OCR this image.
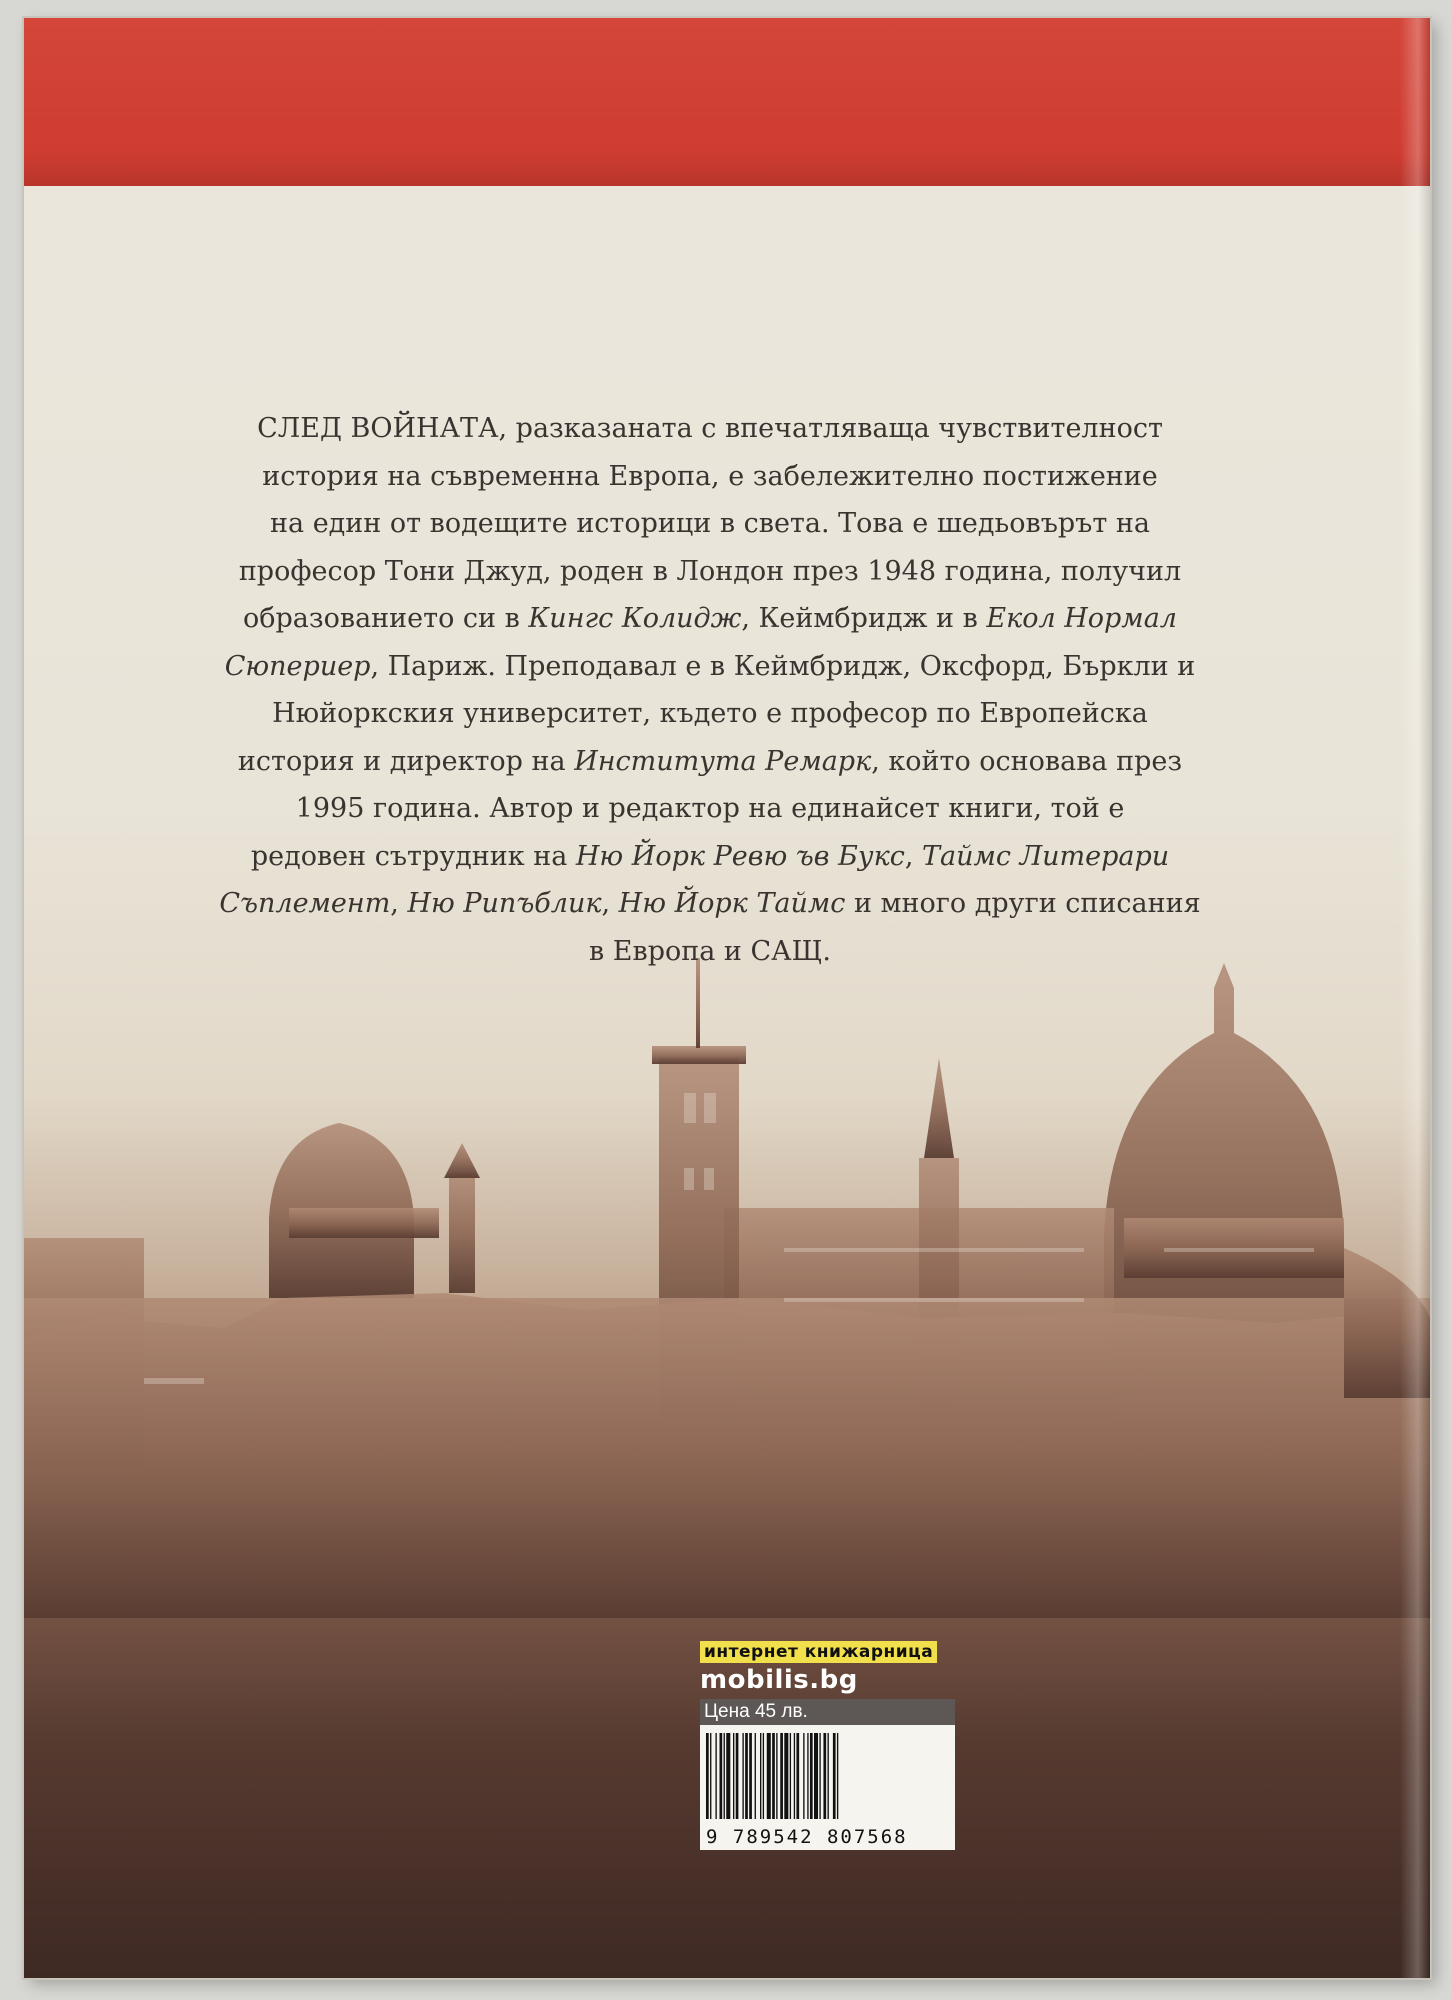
СЛЕД ВОЙНАТА, разказаната с впечатляваща чувствителност
история на съвременна Европа, е забележително постижение
на един от водещите историци в света. Това е шедьовърът на
професор Тони Джуд, роден в Лондон през 1948 година, получил
образованието си в Кингс Колидж, Кеймбридж и в Екол Нормал
Сюпериер, Париж. Преподавал е в Кеймбридж, Оксфорд, Бъркли и
Нюйоркския университет, където е професор по Европейска
история и директор на Института Ремарк, който основава през
1995 година. Автор и редактор на единайсет книги, той е
редовен сътрудник на Ню Йорк Ревю ъв Букс, Таймс Литерари
Съплемент, Ню Рипъблик, Ню Йорк Таймс и много други списания
в Европа и САЩ.
интернет книжарница
mobilis.bg
Цена 45 лв.
9 789542 807568
